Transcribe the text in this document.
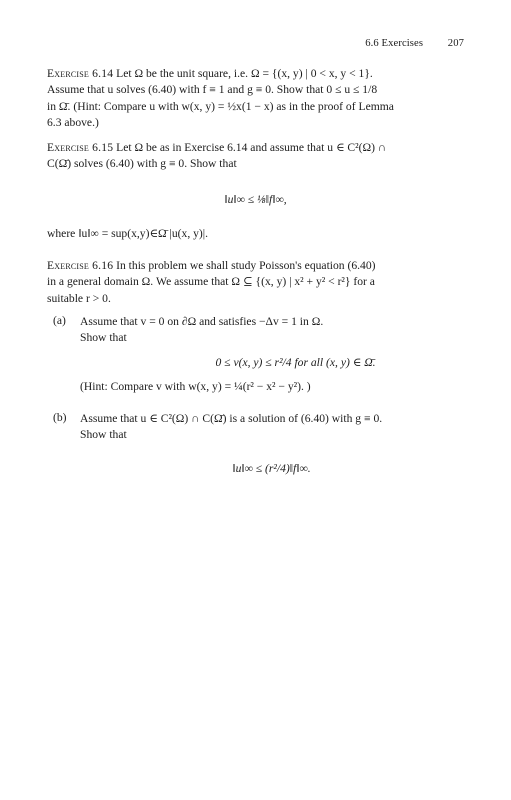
6.6 Exercises 207
Exercise 6.14 Let Ω be the unit square, i.e. Ω = {(x, y) | 0 < x, y < 1}.
Assume that u solves (6.40) with f ≡ 1 and g ≡ 0. Show that 0 ≤ u ≤ 1/8
in Ω̄. (Hint: Compare u with w(x, y) = ½x(1 − x) as in the proof of Lemma
6.3 above.)
Exercise 6.15 Let Ω be as in Exercise 6.14 and assume that u ∈ C²(Ω) ∩
C(Ω̄) solves (6.40) with g ≡ 0. Show that
‖u‖∞ ≤ ⅛‖f‖∞,
where ‖u‖∞ = sup(x,y)∈Ω̄ |u(x, y)|.
Exercise 6.16 In this problem we shall study Poisson's equation (6.40)
in a general domain Ω. We assume that Ω ⊆ {(x, y) | x² + y² < r²} for a
suitable r > 0.
(a) Assume that v = 0 on ∂Ω and satisfies −Δv = 1 in Ω.
Show that
0 ≤ v(x, y) ≤ r²/4 for all (x, y) ∈ Ω̄.
(Hint: Compare v with w(x, y) = ¼(r² − x² − y²). )
(b) Assume that u ∈ C²(Ω) ∩ C(Ω̄) is a solution of (6.40) with g ≡ 0.
Show that
‖u‖∞ ≤ (r²/4)‖f‖∞.
